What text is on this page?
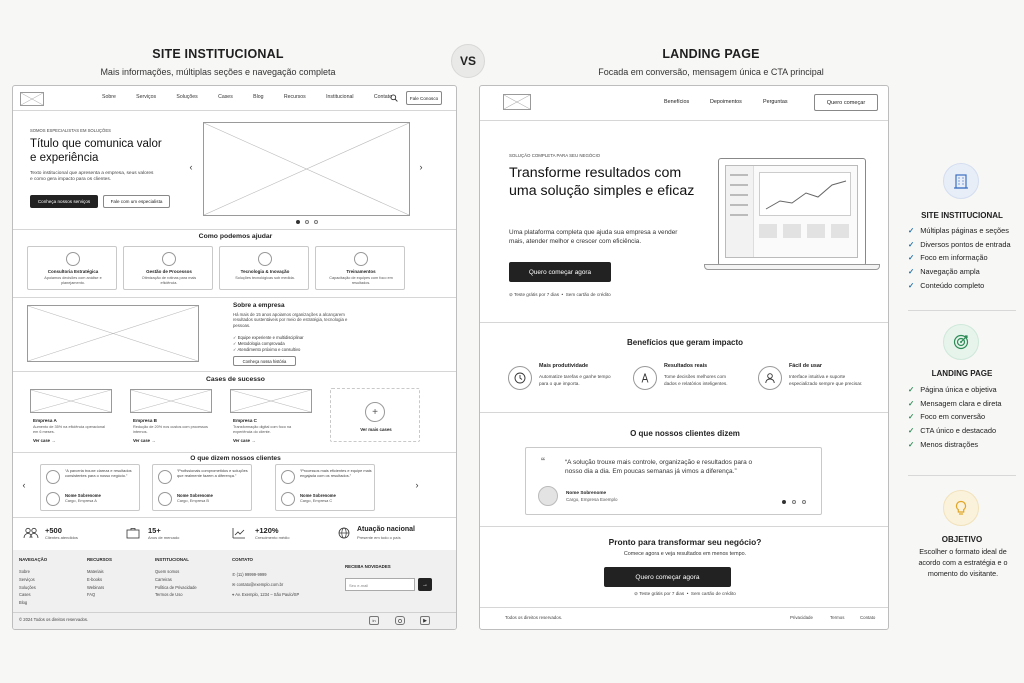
SITE INSTITUCIONAL
Mais informações, múltiplas seções e navegação completa
VS	LANDING PAGE
Focada em conversão, mensagem única e CTA principal
Sobre	Serviços	Soluções	Cases	Blog	Recursos	Institucional	Contato	Fale Conosco
SOMOS ESPECIALISTAS EM SOLUÇÕES
Título que comunica valor e experiência
Texto institucional que apresenta a empresa, seus valores e como gera impacto para os clientes.
Conheça nossos serviços	Fale com um especialista
‹	›
Como podemos ajudar
Consultoria Estratégica
Apoiamos decisões com análise e planejamento.
Gestão de Processos
Otimização de rotinas para mais eficiência.
Tecnologia & Inovação
Soluções tecnológicas sob medida.
Treinamentos
Capacitação de equipes com foco em resultados.
Sobre a empresa
Há mais de 15 anos apoiamos organizações a alcançarem resultados sustentáveis por meio de estratégia, tecnologia e pessoas.
✓ Equipe experiente e multidisciplinar
✓ Metodologia comprovada
✓ Atendimento próximo e consultivo
Conheça nossa história
Cases de sucesso
Empresa A
Aumento de 35% na eficiência operacional em 6 meses.
Ver case →
Empresa B
Redução de 20% nos custos com processos internos.
Ver case →
Empresa C
Transformação digital com foco na experiência do cliente.
Ver case →
+
Ver mais cases
O que dizem nossos clientes
‹
“A parceria trouxe clareza e resultados consistentes para o nosso negócio.”
Nome Sobrenome
Cargo, Empresa A
“Profissionais comprometidos e soluções que realmente fazem a diferença.”
Nome Sobrenome
Cargo, Empresa B
“Processos mais eficientes e equipe mais engajada com os resultados.”
Nome Sobrenome
Cargo, Empresa C
›
+500
Clientes atendidos
15+
Anos de mercado
+120%
Crescimento médio
Atuação nacional
Presente em todo o país
NAVEGAÇÃO
Sobre
Serviços
Soluções
Cases
Blog
RECURSOS
Materiais
E-books
Webinars
FAQ
INSTITUCIONAL
Quem somos
Carreiras
Política de Privacidade
Termos de Uso
CONTATO
✆ (11) 99999-9999
✉ contato@exemplo.com.br
⌖ Av. Exemplo, 1234 – São Paulo/SP
RECEBA NOVIDADES
Seu e-mail	→
© 2024 Todos os direitos reservados.	in	▶
Benefícios	Depoimentos	Perguntas	Quero começar
SOLUÇÃO COMPLETA PARA SEU NEGÓCIO
Transforme resultados com uma solução simples e eficaz
Uma plataforma completa que ajuda sua empresa a vender mais, atender melhor e crescer com eficiência.
Quero começar agora
⊘ Teste grátis por 7 dias  •  Sem cartão de crédito
Benefícios que geram impacto
Mais produtividade
Automatize tarefas e ganhe tempo para o que importa.
Resultados reais
Tome decisões melhores com dados e relatórios inteligentes.
Fácil de usar
Interface intuitiva e suporte especializado sempre que precisar.
O que nossos clientes dizem
“	“A solução trouxe mais controle, organização e resultados para o nosso dia a dia. Em poucas semanas já vimos a diferença.”
Nome Sobrenome
Cargo, Empresa Exemplo
Pronto para transformar seu negócio?
Comece agora e veja resultados em menos tempo.
Quero começar agora
⊘ Teste grátis por 7 dias  •  Sem cartão de crédito
Todos os direitos reservados.	Privacidade	Termos	Contato
SITE INSTITUCIONAL
✓ Múltiplas páginas e seções
✓ Diversos pontos de entrada
✓ Foco em informação
✓ Navegação ampla
✓ Conteúdo completo
LANDING PAGE
✓ Página única e objetiva
✓ Mensagem clara e direta
✓ Foco em conversão
✓ CTA único e destacado
✓ Menos distrações
OBJETIVO
Escolher o formato ideal de acordo com a estratégia e o momento do visitante.
